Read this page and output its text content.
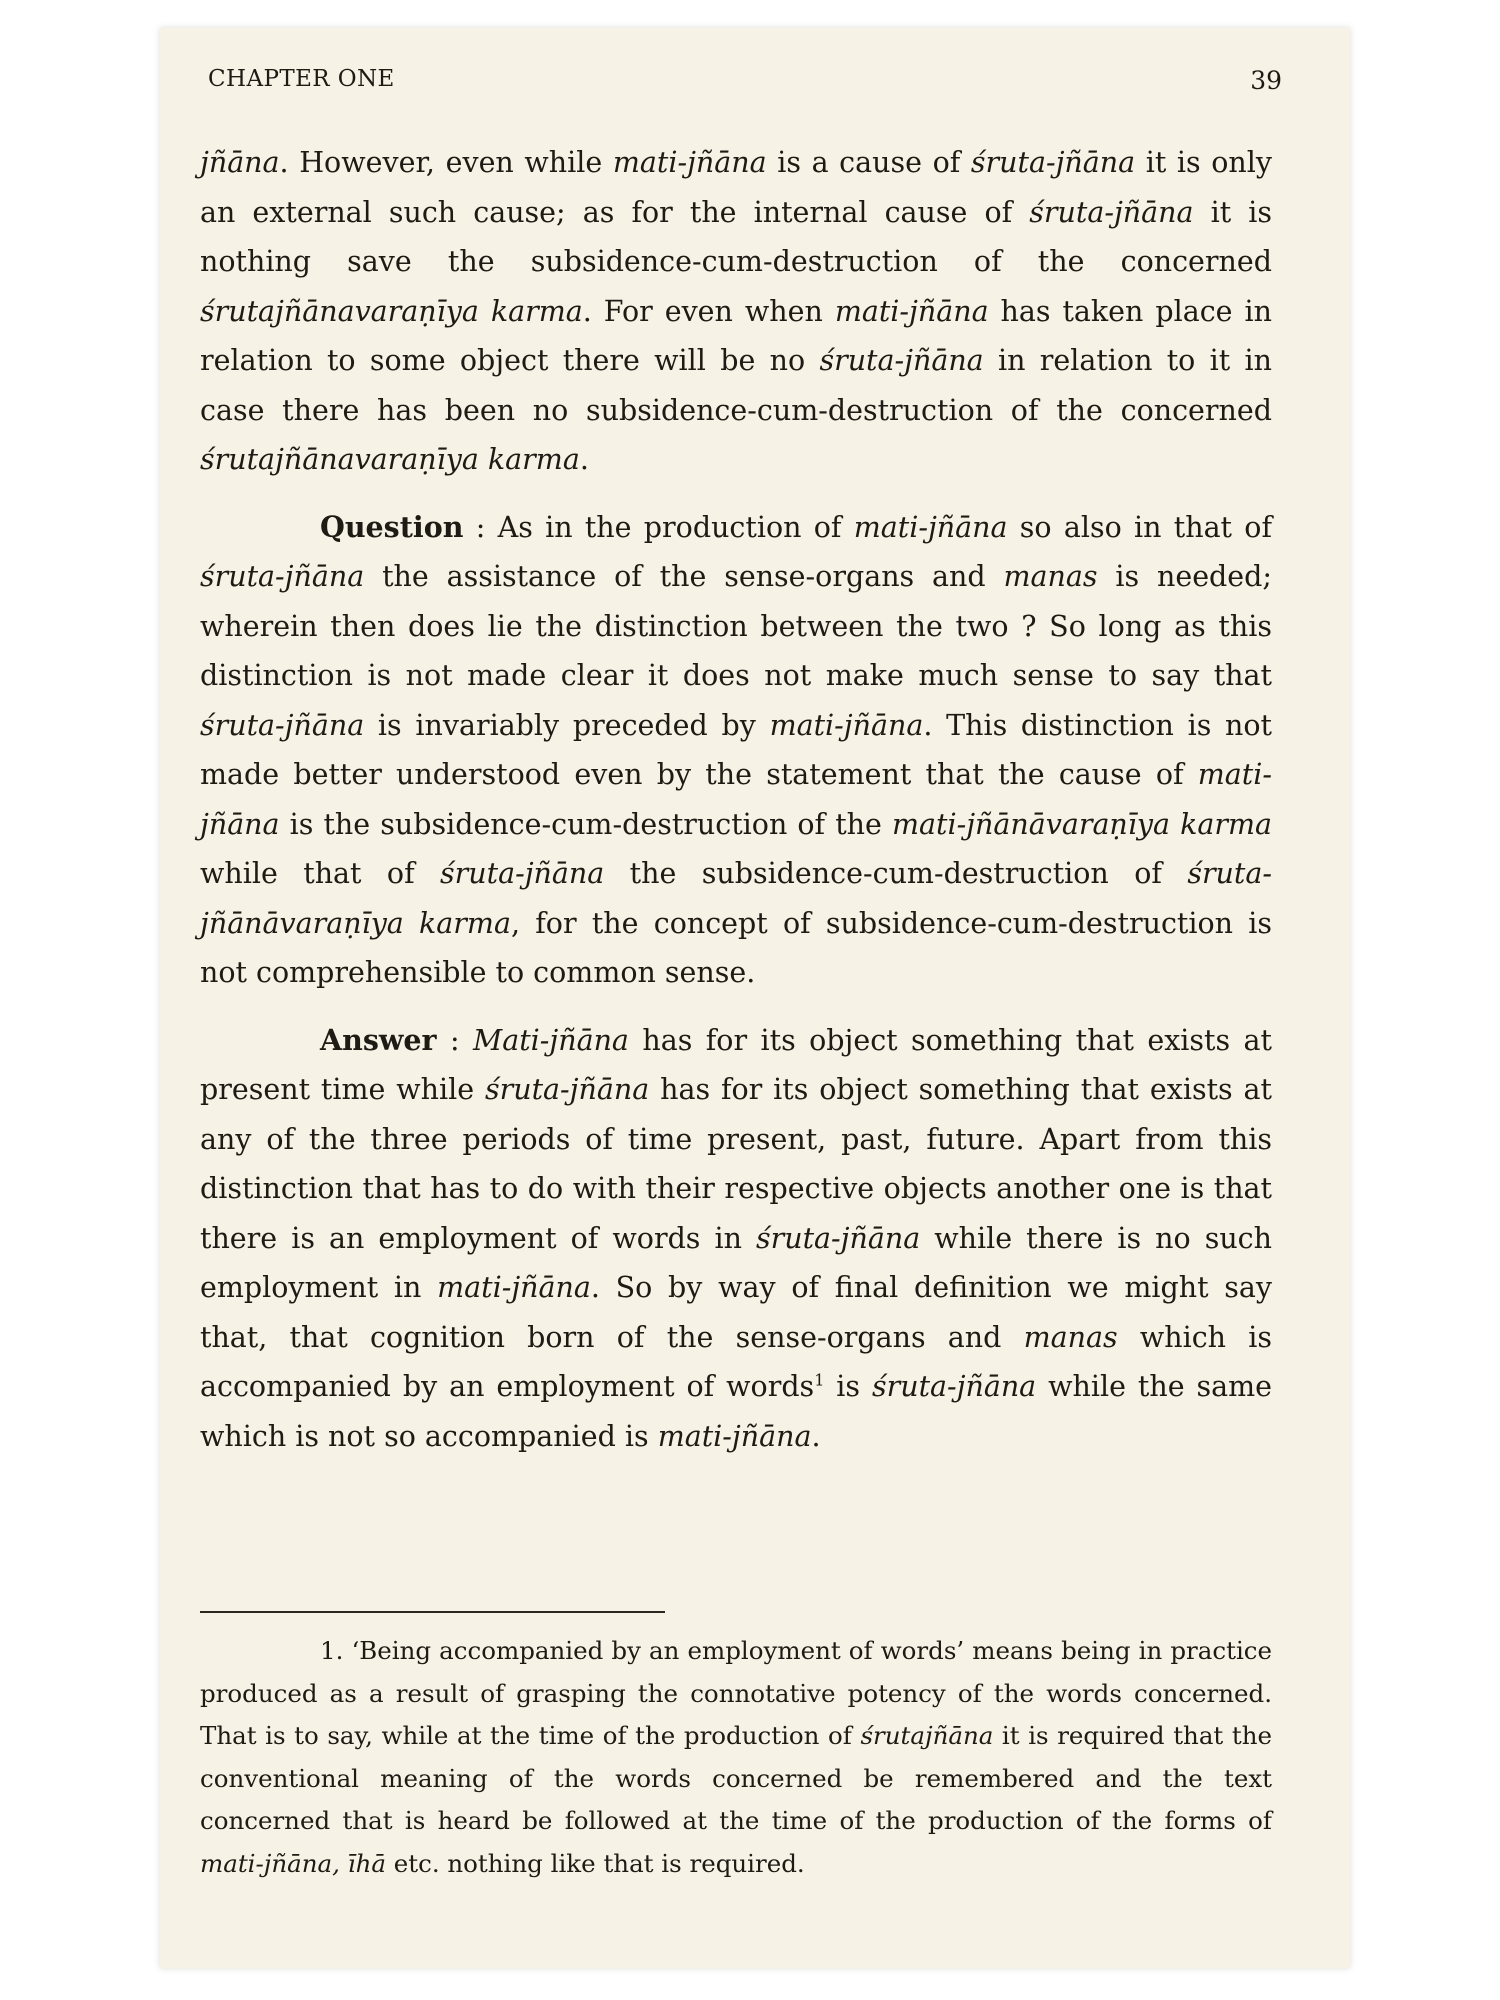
CHAPTER ONE	39

jñāna. However, even while mati-jñāna is a cause of śruta-jñāna it is only an external such cause; as for the internal cause of śruta-jñāna it is nothing save the subsidence-cum-destruction of the concerned śrutajñānavaraṇīya karma. For even when mati-jñāna has taken place in relation to some object there will be no śruta-jñāna in relation to it in case there has been no subsidence-cum-destruction of the concerned śrutajñānavaraṇīya karma.

Question : As in the production of mati-jñāna so also in that of śruta-jñāna the assistance of the sense-organs and manas is needed; wherein then does lie the distinction between the two ? So long as this distinction is not made clear it does not make much sense to say that śruta-jñāna is invariably preceded by mati-jñāna. This distinction is not made better understood even by the statement that the cause of mati-jñāna is the subsidence-cum-destruction of the mati-jñānāvaraṇīya karma while that of śruta-jñāna the subsidence-cum-destruction of śruta-jñānāvaraṇīya karma, for the concept of subsidence-cum-destruction is not comprehensible to common sense.

Answer : Mati-jñāna has for its object something that exists at present time while śruta-jñāna has for its object something that exists at any of the three periods of time present, past, future. Apart from this distinction that has to do with their respective objects another one is that there is an employment of words in śruta-jñāna while there is no such employment in mati-jñāna. So by way of final definition we might say that, that cognition born of the sense-organs and manas which is accompanied by an employment of words$^1$ is śruta-jñāna while the same which is not so accompanied is mati-jñāna.

1. ‘Being accompanied by an employment of words’ means being in practice produced as a result of grasping the connotative potency of the words concerned. That is to say, while at the time of the production of śrutajñāna it is required that the conventional meaning of the words concerned be remembered and the text concerned that is heard be followed at the time of the production of the forms of mati-jñāna, īhā etc. nothing like that is required.
